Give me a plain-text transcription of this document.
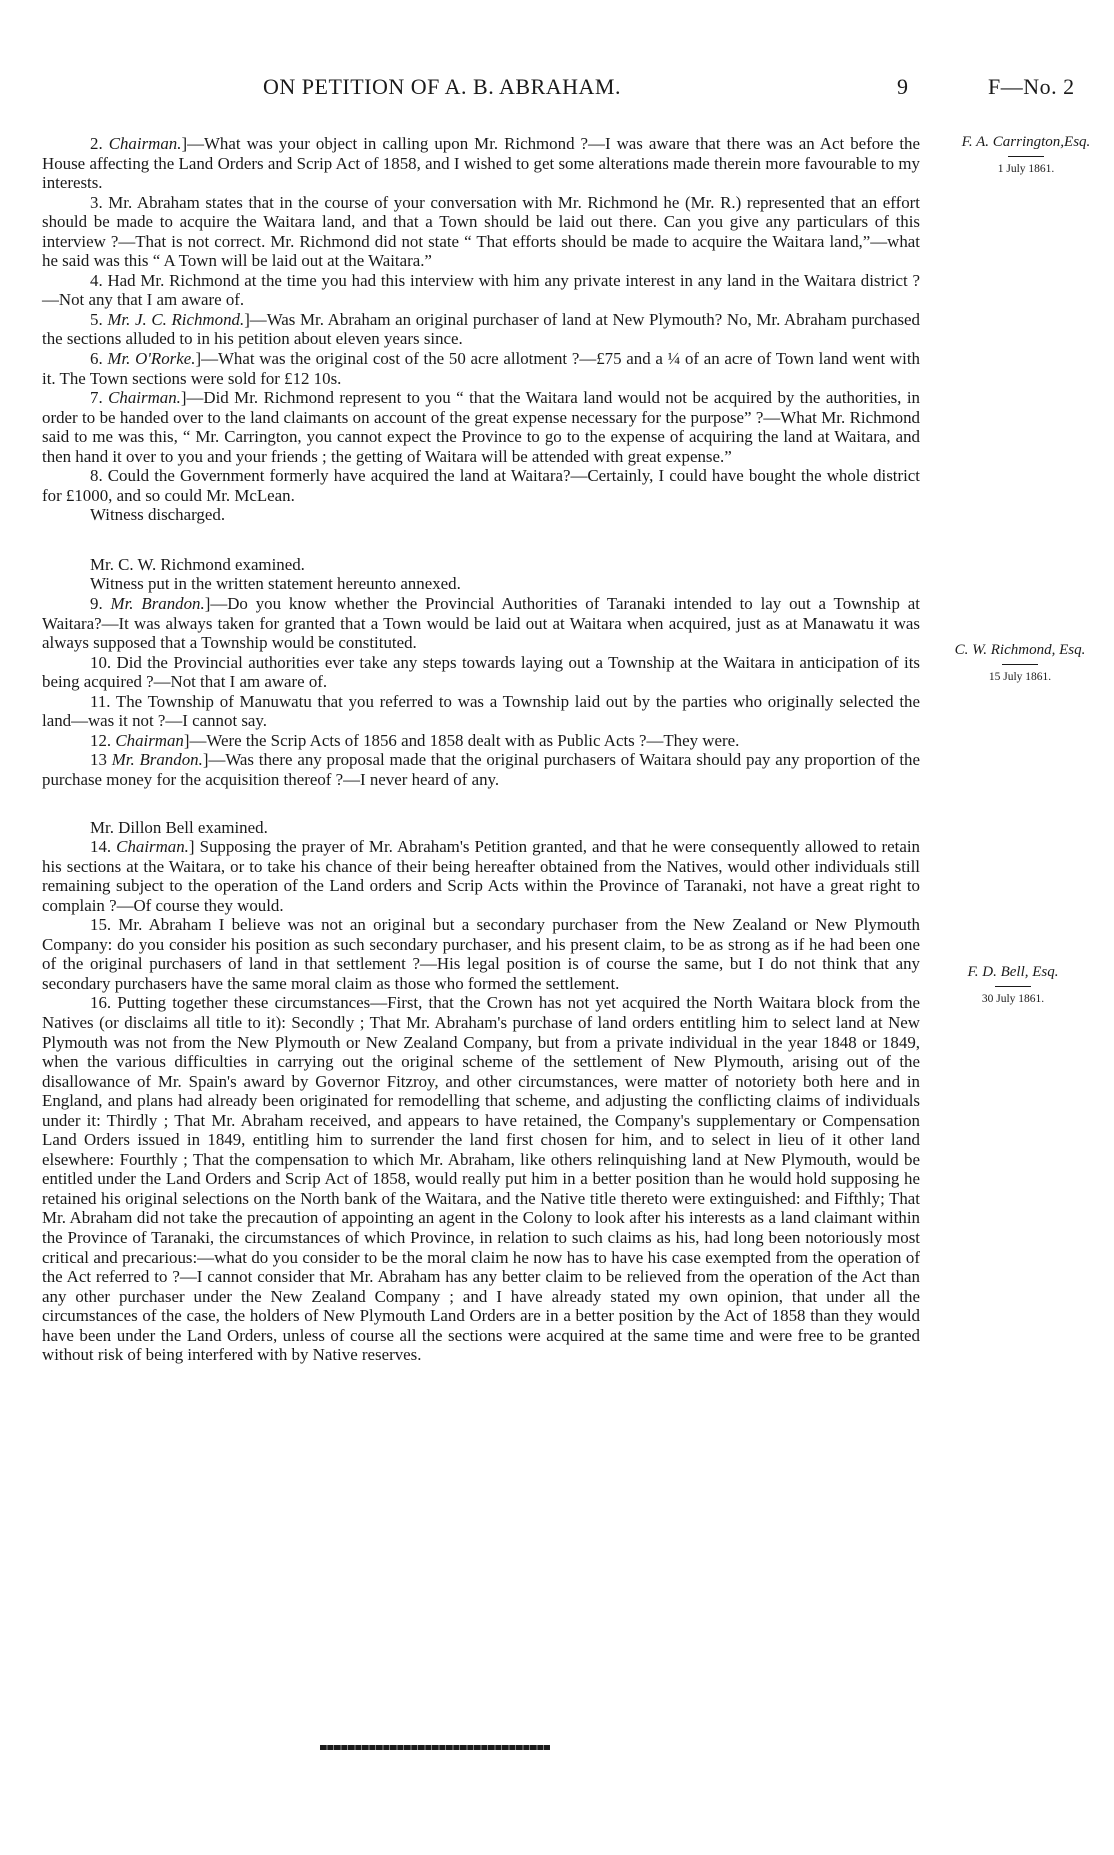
ON PETITION OF A. B. ABRAHAM.	9	F—No. 2
F. A. Carrington,Esq.
1 July 1861.
C. W. Richmond, Esq.
15 July 1861.
F. D. Bell, Esq.
30 July 1861.

2. Chairman.]—What was your object in calling upon Mr. Richmond ?—I was aware that there was an Act before the House affecting the Land Orders and Scrip Act of 1858, and I wished to get some alterations made therein more favourable to my interests.

3. Mr. Abraham states that in the course of your conversation with Mr. Richmond he (Mr. R.) represented that an effort should be made to acquire the Waitara land, and that a Town should be laid out there. Can you give any particulars of this interview ?—That is not correct. Mr. Richmond did not state “ That efforts should be made to acquire the Waitara land,”—what he said was this “ A Town will be laid out at the Waitara.”

4. Had Mr. Richmond at the time you had this interview with him any private interest in any land in the Waitara district ?—Not any that I am aware of.

5. Mr. J. C. Richmond.]—Was Mr. Abraham an original purchaser of land at New Plymouth? No, Mr. Abraham purchased the sections alluded to in his petition about eleven years since.

6. Mr. O'Rorke.]—What was the original cost of the 50 acre allotment ?—£75 and a ¼ of an acre of Town land went with it. The Town sections were sold for £12 10s.

7. Chairman.]—Did Mr. Richmond represent to you “ that the Waitara land would not be acquired by the authorities, in order to be handed over to the land claimants on account of the great expense necessary for the purpose” ?—What Mr. Richmond said to me was this, “ Mr. Carrington, you cannot expect the Province to go to the expense of acquiring the land at Waitara, and then hand it over to you and your friends ; the getting of Waitara will be attended with great expense.”

8. Could the Government formerly have acquired the land at Waitara?—Certainly, I could have bought the whole district for £1000, and so could Mr. McLean.

Witness discharged.

Mr. C. W. Richmond examined.

Witness put in the written statement hereunto annexed.

9. Mr. Brandon.]—Do you know whether the Provincial Authorities of Taranaki intended to lay out a Township at Waitara?—It was always taken for granted that a Town would be laid out at Waitara when acquired, just as at Manawatu it was always supposed that a Township would be constituted.

10. Did the Provincial authorities ever take any steps towards laying out a Township at the Waitara in anticipation of its being acquired ?—Not that I am aware of.

11. The Township of Manuwatu that you referred to was a Township laid out by the parties who originally selected the land—was it not ?—I cannot say.

12. Chairman]—Were the Scrip Acts of 1856 and 1858 dealt with as Public Acts ?—They were.

13 Mr. Brandon.]—Was there any proposal made that the original purchasers of Waitara should pay any proportion of the purchase money for the acquisition thereof ?—I never heard of any.

Mr. Dillon Bell examined.

14. Chairman.] Supposing the prayer of Mr. Abraham's Petition granted, and that he were consequently allowed to retain his sections at the Waitara, or to take his chance of their being hereafter obtained from the Natives, would other individuals still remaining subject to the operation of the Land orders and Scrip Acts within the Province of Taranaki, not have a great right to complain ?—Of course they would.

15. Mr. Abraham I believe was not an original but a secondary purchaser from the New Zealand or New Plymouth Company: do you consider his position as such secondary purchaser, and his present claim, to be as strong as if he had been one of the original purchasers of land in that settlement ?—His legal position is of course the same, but I do not think that any secondary purchasers have the same moral claim as those who formed the settlement.

16. Putting together these circumstances—First, that the Crown has not yet acquired the North Waitara block from the Natives (or disclaims all title to it): Secondly ; That Mr. Abraham's purchase of land orders entitling him to select land at New Plymouth was not from the New Plymouth or New Zealand Company, but from a private individual in the year 1848 or 1849, when the various difficulties in carrying out the original scheme of the settlement of New Plymouth, arising out of the disallowance of Mr. Spain's award by Governor Fitzroy, and other circumstances, were matter of notoriety both here and in England, and plans had already been originated for remodelling that scheme, and adjusting the conflicting claims of individuals under it: Thirdly ; That Mr. Abraham received, and appears to have retained, the Company's supplementary or Compensation Land Orders issued in 1849, entitling him to surrender the land first chosen for him, and to select in lieu of it other land elsewhere: Fourthly ; That the compensation to which Mr. Abraham, like others relinquishing land at New Plymouth, would be entitled under the Land Orders and Scrip Act of 1858, would really put him in a better position than he would hold supposing he retained his original selections on the North bank of the Waitara, and the Native title thereto were extinguished: and Fifthly; That Mr. Abraham did not take the precaution of appointing an agent in the Colony to look after his interests as a land claimant within the Province of Taranaki, the circumstances of which Province, in relation to such claims as his, had long been notoriously most critical and precarious:—what do you consider to be the moral claim he now has to have his case exempted from the operation of the Act referred to ?—I cannot consider that Mr. Abraham has any better claim to be relieved from the operation of the Act than any other purchaser under the New Zealand Company ; and I have already stated my own opinion, that under all the circumstances of the case, the holders of New Plymouth Land Orders are in a better position by the Act of 1858 than they would have been under the Land Orders, unless of course all the sections were acquired at the same time and were free to be granted without risk of being interfered with by Native reserves.
